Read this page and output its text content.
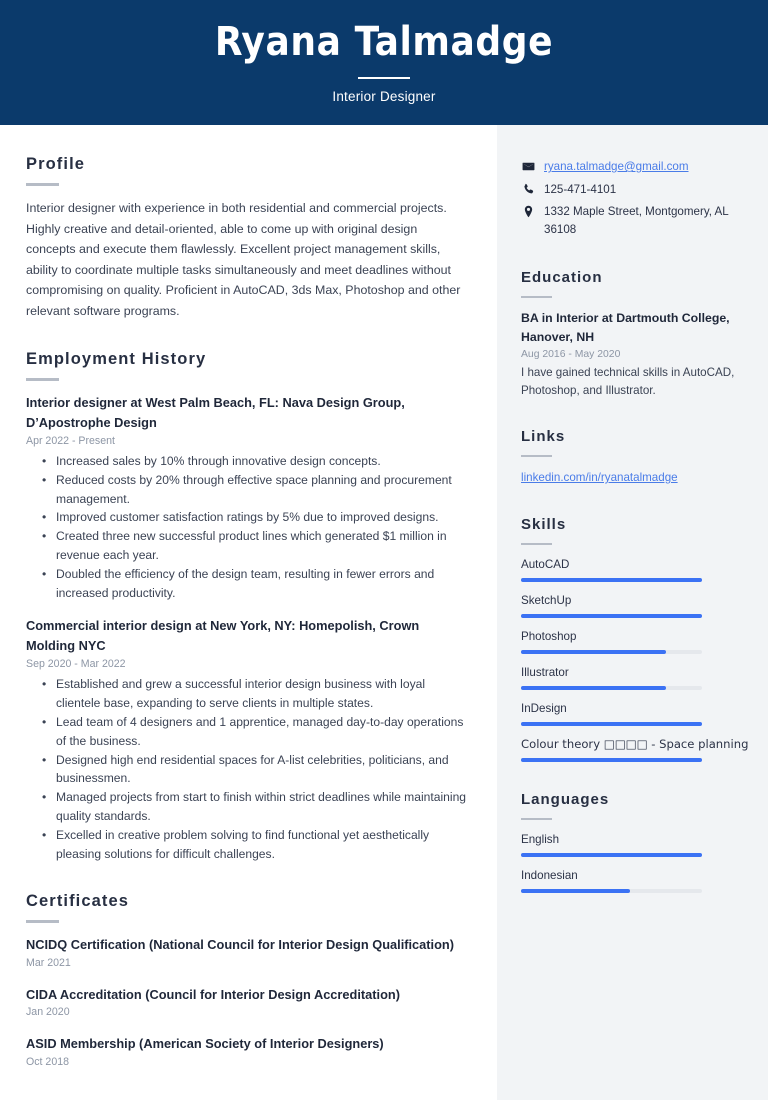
Ryana Talmadge

Interior Designer

Profile

Interior designer with experience in both residential and commercial projects. Highly creative and detail-oriented, able to come up with original design concepts and execute them flawlessly. Excellent project management skills, ability to coordinate multiple tasks simultaneously and meet deadlines without compromising on quality. Proficient in AutoCAD, 3ds Max, Photoshop and other relevant software programs.

Employment History

Interior designer at West Palm Beach, FL: Nava Design Group, D’Apostrophe Design

Apr 2022 - Present

• Increased sales by 10% through innovative design concepts.
• Reduced costs by 20% through effective space planning and procurement management.
• Improved customer satisfaction ratings by 5% due to improved designs.
• Created three new successful product lines which generated $1 million in revenue each year.
• Doubled the efficiency of the design team, resulting in fewer errors and increased productivity.

Commercial interior design at New York, NY: Homepolish, Crown Molding NYC

Sep 2020 - Mar 2022

• Established and grew a successful interior design business with loyal clientele base, expanding to serve clients in multiple states.
• Lead team of 4 designers and 1 apprentice, managed day-to-day operations of the business.
• Designed high end residential spaces for A-list celebrities, politicians, and businessmen.
• Managed projects from start to finish within strict deadlines while maintaining quality standards.
• Excelled in creative problem solving to find functional yet aesthetically pleasing solutions for difficult challenges.
Certificates

NCIDQ Certification (National Council for Interior Design Qualification)

Mar 2021

CIDA Accreditation (Council for Interior Design Accreditation)

Jan 2020

ASID Membership (American Society of Interior Designers)

Oct 2018

ryana.talmadge@gmail.com
125-471-4101
1332 Maple Street, Montgomery, AL 36108
Education

BA in Interior at Dartmouth College, Hanover, NH

Aug 2016 - May 2020

I have gained technical skills in AutoCAD, Photoshop, and Illustrator.

Links
linkedin.com/in/ryanatalmadge
Skills
AutoCAD
SketchUp
Photoshop
Illustrator
InDesign
Colour theory □□□□ - Space planning
Languages
English
Indonesian
